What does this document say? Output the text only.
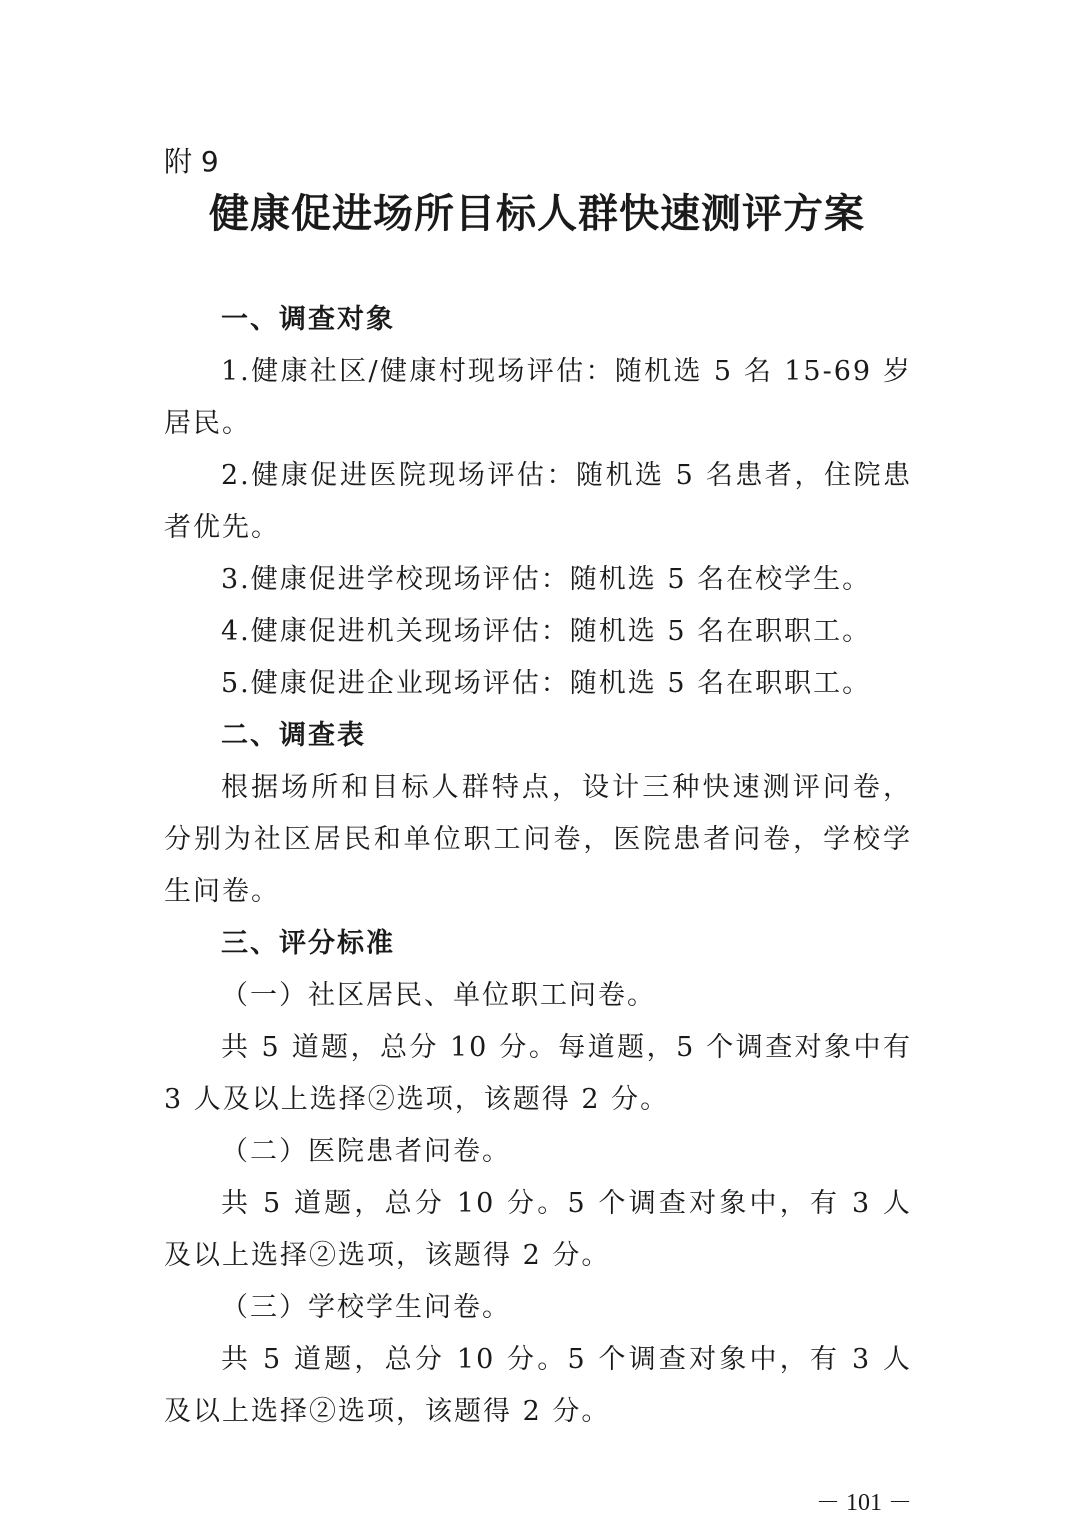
附 9
健康促进场所目标人群快速测评方案
一、调查对象

1.健康社区/健康村现场评估：随机选 5 名 15-69 岁居民。

2.健康促进医院现场评估：随机选 5 名患者，住院患者优先。

3.健康促进学校现场评估：随机选 5 名在校学生。

4.健康促进机关现场评估：随机选 5 名在职职工。

5.健康促进企业现场评估：随机选 5 名在职职工。

二、调查表

根据场所和目标人群特点，设计三种快速测评问卷，分别为社区居民和单位职工问卷，医院患者问卷，学校学生问卷。

三、评分标准

（一）社区居民、单位职工问卷。

共 5 道题，总分 10 分。每道题，5 个调查对象中有 3 人及以上选择②选项，该题得 2 分。

（二）医院患者问卷。

共 5 道题，总分 10 分。5 个调查对象中，有 3 人及以上选择②选项，该题得 2 分。

（三）学校学生问卷。

共 5 道题，总分 10 分。5 个调查对象中，有 3 人及以上选择②选项，该题得 2 分。

－ 101 －
